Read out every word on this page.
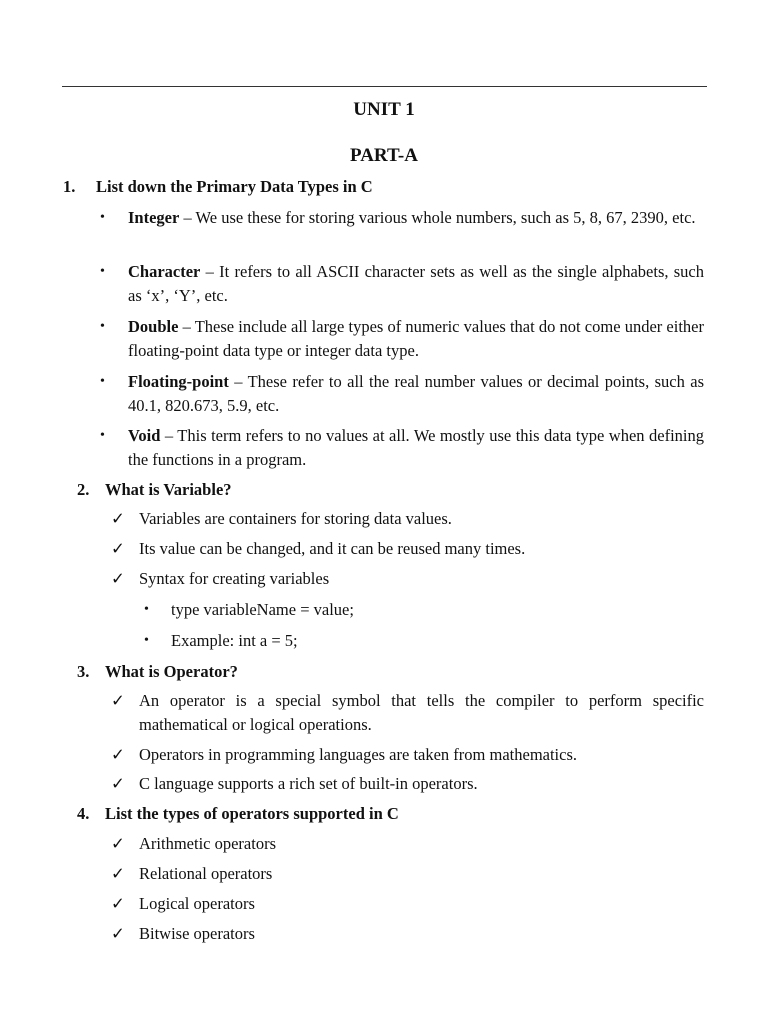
UNIT 1
PART-A
1. List down the Primary Data Types in C
• Integer – We use these for storing various whole numbers, such as 5, 8, 67, 2390, etc.
• Character – It refers to all ASCII character sets as well as the single alphabets, such as ‘x’, ‘Y’, etc.
• Double – These include all large types of numeric values that do not come under either floating-point data type or integer data type.
• Floating-point – These refer to all the real number values or decimal points, such as 40.1, 820.673, 5.9, etc.
• Void – This term refers to no values at all. We mostly use this data type when defining the functions in a program.
2. What is Variable?
✓ Variables are containers for storing data values.
✓ Its value can be changed, and it can be reused many times.
✓ Syntax for creating variables
• type variableName = value;
• Example: int a = 5;
3. What is Operator?
✓ An operator is a special symbol that tells the compiler to perform specific mathematical or logical operations.
✓ Operators in programming languages are taken from mathematics.
✓ C language supports a rich set of built-in operators.
4. List the types of operators supported in C
✓ Arithmetic operators
✓ Relational operators
✓ Logical operators
✓ Bitwise operators
